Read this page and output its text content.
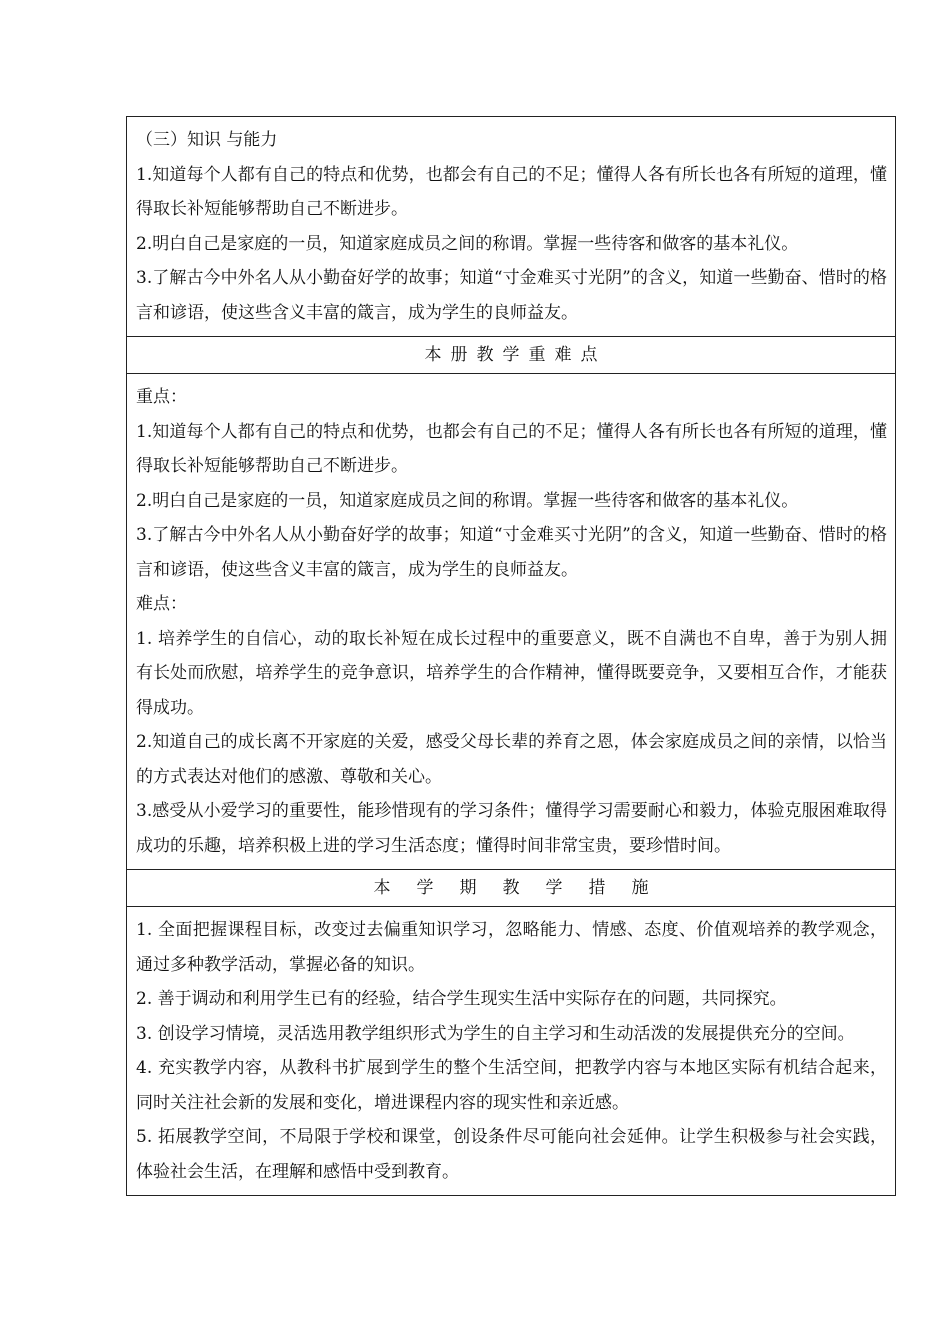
（三）知识 与能力

1.知道每个人都有自己的特点和优势，也都会有自己的不足；懂得人各有所长也各有所短的道理，懂得取长补短能够帮助自己不断进步。

2.明白自己是家庭的一员，知道家庭成员之间的称谓。掌握一些待客和做客的基本礼仪。

3.了解古今中外名人从小勤奋好学的故事；知道“寸金难买寸光阴”的含义，知道一些勤奋、惜时的格言和谚语，使这些含义丰富的箴言，成为学生的良师益友。

本册教学重难点

重点：

1.知道每个人都有自己的特点和优势，也都会有自己的不足；懂得人各有所长也各有所短的道理，懂得取长补短能够帮助自己不断进步。

2.明白自己是家庭的一员，知道家庭成员之间的称谓。掌握一些待客和做客的基本礼仪。

3.了解古今中外名人从小勤奋好学的故事；知道“寸金难买寸光阴”的含义，知道一些勤奋、惜时的格言和谚语，使这些含义丰富的箴言，成为学生的良师益友。

难点：

1. 培养学生的自信心，动的取长补短在成长过程中的重要意义，既不自满也不自卑，善于为别人拥有长处而欣慰，培养学生的竞争意识，培养学生的合作精神，懂得既要竞争，又要相互合作，才能获得成功。

2.知道自己的成长离不开家庭的关爱，感受父母长辈的养育之恩，体会家庭成员之间的亲情，以恰当的方式表达对他们的感激、尊敬和关心。

3.感受从小爱学习的重要性，能珍惜现有的学习条件；懂得学习需要耐心和毅力，体验克服困难取得成功的乐趣，培养积极上进的学习生活态度；懂得时间非常宝贵，要珍惜时间。

本学期教学措施

1. 全面把握课程目标，改变过去偏重知识学习，忽略能力、情感、态度、价值观培养的教学观念，通过多种教学活动，掌握必备的知识。

2. 善于调动和利用学生已有的经验，结合学生现实生活中实际存在的问题，共同探究。

3. 创设学习情境，灵活选用教学组织形式为学生的自主学习和生动活泼的发展提供充分的空间。

4. 充实教学内容，从教科书扩展到学生的整个生活空间，把教学内容与本地区实际有机结合起来，同时关注社会新的发展和变化，增进课程内容的现实性和亲近感。

5. 拓展教学空间，不局限于学校和课堂，创设条件尽可能向社会延伸。让学生积极参与社会实践，体验社会生活，在理解和感悟中受到教育。
